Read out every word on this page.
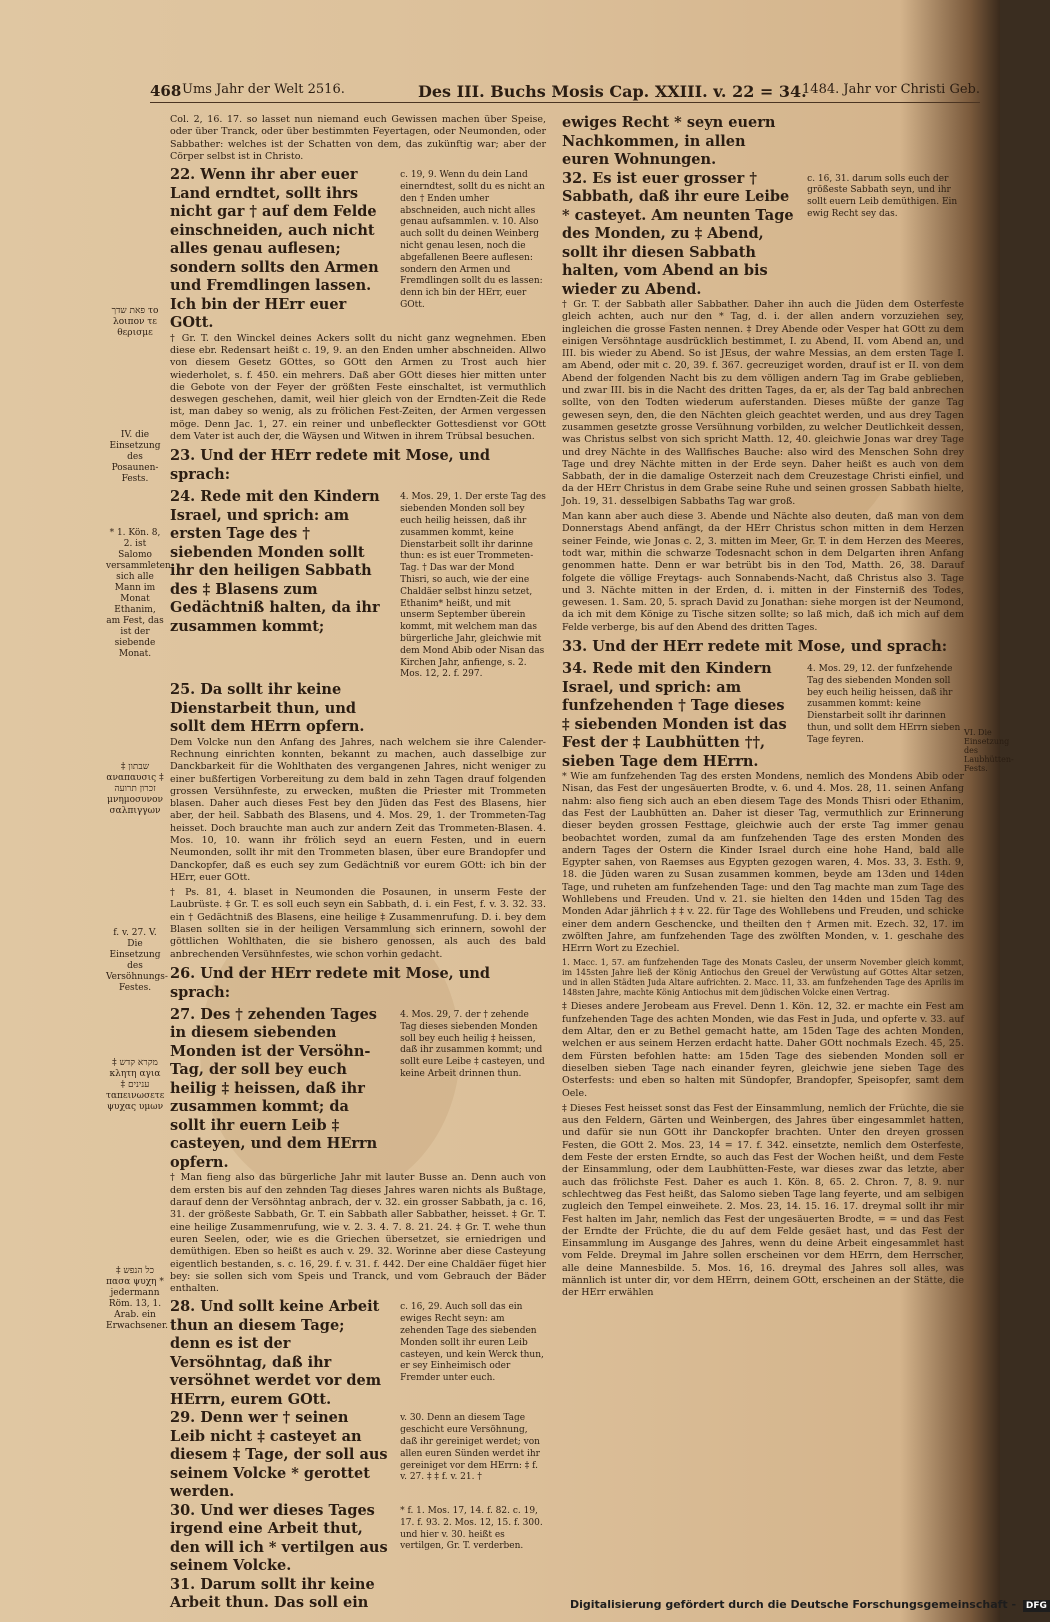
468 Ums Jahr der Welt 2516.	Des III. Buchs Mosis Cap. XXIII. v. 22 = 34.
1484. Jahr vor Christi Geb.
פאת שדך το λοιπον τε θερισμε
IV. die Einsetzung des Posaunen-Fests.
* 1. Kön. 8, 2. ist Salomo versammleten sich alle Mann im Monat Ethanim, am Fest, das ist der siebende Monat.
‡ שבתון αναπαυσις ‡ זכרון תרועה μνημοσυνον σαλπιγγων
f. v. 27. V. Die Einsetzung des Versöhnungs-Festes.
‡ מקרא קדש κλητη αγια ‡ ענינים ταπεινωσετε ψυχας υμων
‡ כל הנפש πασα ψυχη * jedermann Röm. 13, 1. Arab. ein Erwachsener.

Col. 2, 16. 17. so lasset nun niemand euch Gewissen machen über Speise, oder über Tranck, oder über bestimmten Feyertagen, oder Neumonden, oder Sabbather: welches ist der Schatten von dem, das zukünftig war; aber der Cörper selbst ist in Christo.

22. Wenn ihr aber euer Land erndtet, sollt ihrs nicht gar † auf dem Felde einschneiden, auch nicht alles genau auflesen; sondern sollts den Armen und Fremdlingen lassen. Ich bin der HErr euer GOtt.
c. 19, 9. Wenn du dein Land einerndtest, sollt du es nicht an den † Enden umher abschneiden, auch nicht alles genau aufsammlen. v. 10. Also auch sollt du deinen Weinberg nicht genau lesen, noch die abgefallenen Beere auflesen: sondern den Armen und Fremdlingen sollt du es lassen: denn ich bin der HErr, euer GOtt.

† Gr. T. den Winckel deines Ackers sollt du nicht ganz wegnehmen. Eben diese ebr. Redensart heißt c. 19, 9. an den Enden umher abschneiden. Allwo von diesem Gesetz GOttes, so GOtt den Armen zu Trost auch hier wiederholet, s. f. 450. ein mehrers. Daß aber GOtt dieses hier mitten unter die Gebote von der Feyer der größten Feste einschaltet, ist vermuthlich deswegen geschehen, damit, weil hier gleich von der Erndten-Zeit die Rede ist, man dabey so wenig, als zu frölichen Fest-Zeiten, der Armen vergessen möge. Denn Jac. 1, 27. ein reiner und unbefleckter Gottesdienst vor GOtt dem Vater ist auch der, die Wäysen und Witwen in ihrem Trübsal besuchen.

23. Und der HErr redete mit Mose, und sprach:
24. Rede mit den Kindern Israel, und sprich: am ersten Tage des † siebenden Monden sollt ihr den heiligen Sabbath des ‡ Blasens zum Gedächtniß halten, da ihr zusammen kommt;
4. Mos. 29, 1. Der erste Tag des siebenden Monden soll bey euch heilig heissen, daß ihr zusammen kommt, keine Dienstarbeit sollt ihr darinne thun: es ist euer Trommeten-Tag. † Das war der Mond Thisri, so auch, wie der eine Chaldäer selbst hinzu setzet, Ethanim* heißt, und mit unserm September überein kommt, mit welchem man das bürgerliche Jahr, gleichwie mit dem Mond Abib oder Nisan das Kirchen Jahr, anfienge, s. 2. Mos. 12, 2. f. 297.
25. Da sollt ihr keine Dienstarbeit thun, und sollt dem HErrn opfern.

Dem Volcke nun den Anfang des Jahres, nach welchem sie ihre Calender-Rechnung einrichten konnten, bekannt zu machen, auch dasselbige zur Danckbarkeit für die Wohlthaten des vergangenen Jahres, nicht weniger zu einer bußfertigen Vorbereitung zu dem bald in zehn Tagen drauf folgenden grossen Versühnfeste, zu erwecken, mußten die Priester mit Trommeten blasen. Daher auch dieses Fest bey den Jüden das Fest des Blasens, hier aber, der heil. Sabbath des Blasens, und 4. Mos. 29, 1. der Trommeten-Tag heisset. Doch brauchte man auch zur andern Zeit das Trommeten-Blasen. 4. Mos. 10, 10. wann ihr frölich seyd an euern Festen, und in euern Neumonden, sollt ihr mit den Trommeten blasen, über eure Brandopfer und Danckopfer, daß es euch sey zum Gedächtniß vor eurem GOtt: ich bin der HErr, euer GOtt.

† Ps. 81, 4. blaset in Neumonden die Posaunen, in unserm Feste der Laubrüste. ‡ Gr. T. es soll euch seyn ein Sabbath, d. i. ein Fest, f. v. 3. 32. 33. ein † Gedächtniß des Blasens, eine heilige ‡ Zusammenrufung. D. i. bey dem Blasen sollten sie in der heiligen Versammlung sich erinnern, sowohl der göttlichen Wohlthaten, die sie bishero genossen, als auch des bald anbrechenden Versühnfestes, wie schon vorhin gedacht.

26. Und der HErr redete mit Mose, und sprach:
27. Des † zehenden Tages in diesem siebenden Monden ist der Versöhn-Tag, der soll bey euch heilig ‡ heissen, daß ihr zusammen kommt; da sollt ihr euern Leib ‡ casteyen, und dem HErrn opfern.
4. Mos. 29, 7. der † zehende Tag dieses siebenden Monden soll bey euch heilig ‡ heissen, daß ihr zusammen kommt; und sollt eure Leibe ‡ casteyen, und keine Arbeit drinnen thun.

† Man fieng also das bürgerliche Jahr mit lauter Busse an. Denn auch von dem ersten bis auf den zehnden Tag dieses Jahres waren nichts als Bußtage, darauf denn der Versöhntag anbrach, der v. 32. ein grosser Sabbath, ja c. 16, 31. der größeste Sabbath, Gr. T. ein Sabbath aller Sabbather, heisset. ‡ Gr. T. eine heilige Zusammenrufung, wie v. 2. 3. 4. 7. 8. 21. 24. ‡ Gr. T. wehe thun euren Seelen, oder, wie es die Griechen übersetzet, sie erniedrigen und demüthigen. Eben so heißt es auch v. 29. 32. Worinne aber diese Casteyung eigentlich bestanden, s. c. 16, 29. f. v. 31. f. 442. Der eine Chaldäer füget hier bey: sie sollen sich vom Speis und Tranck, und vom Gebrauch der Bäder enthalten.

28. Und sollt keine Arbeit thun an diesem Tage; denn es ist der Versöhntag, daß ihr versöhnet werdet vor dem HErrn, eurem GOtt.
c. 16, 29. Auch soll das ein ewiges Recht seyn: am zehenden Tage des siebenden Monden sollt ihr euren Leib casteyen, und kein Werck thun, er sey Einheimisch oder Fremder unter euch.
29. Denn wer † seinen Leib nicht ‡ casteyet an diesem ‡ Tage, der soll aus seinem Volcke * gerottet werden.
v. 30. Denn an diesem Tage geschicht eure Versöhnung, daß ihr gereiniget werdet; von allen euren Sünden werdet ihr gereiniget vor dem HErrn: ‡ f. v. 27. ‡ ‡ f. v. 21. †
30. Und wer dieses Tages irgend eine Arbeit thut, den will ich * vertilgen aus seinem Volcke.
* f. 1. Mos. 17, 14. f. 82. c. 19, 17. f. 93. 2. Mos. 12, 15. f. 300. und hier v. 30. heißt es vertilgen, Gr. T. verderben.
31. Darum sollt ihr keine Arbeit thun. Das soll ein
ewiges Recht * seyn euern Nachkommen, in allen euren Wohnungen.
32. Es ist euer grosser † Sabbath, daß ihr eure Leibe * casteyet. Am neunten Tage des Monden, zu ‡ Abend, sollt ihr diesen Sabbath halten, vom Abend an bis wieder zu Abend.
c. 16, 31. darum solls euch der größeste Sabbath seyn, und ihr sollt euern Leib demüthigen. Ein ewig Recht sey das.

† Gr. T. der Sabbath aller Sabbather. Daher ihn auch die Jüden dem Osterfeste gleich achten, auch nur den * Tag, d. i. der allen andern vorzuziehen sey, ingleichen die grosse Fasten nennen. ‡ Drey Abende oder Vesper hat GOtt zu dem einigen Versöhntage ausdrücklich bestimmet, I. zu Abend, II. vom Abend an, und III. bis wieder zu Abend. So ist JEsus, der wahre Messias, an dem ersten Tage I. am Abend, oder mit c. 20, 39. f. 367. gecreuziget worden, drauf ist er II. von dem Abend der folgenden Nacht bis zu dem völligen andern Tag im Grabe geblieben, und zwar III. bis in die Nacht des dritten Tages, da er, als der Tag bald anbrechen sollte, von den Todten wiederum auferstanden. Dieses müßte der ganze Tag gewesen seyn, den, die den Nächten gleich geachtet werden, und aus drey Tagen zusammen gesetzte grosse Versühnung vorbilden, zu welcher Deutlichkeit dessen, was Christus selbst von sich spricht Matth. 12, 40. gleichwie Jonas war drey Tage und drey Nächte in des Wallfisches Bauche: also wird des Menschen Sohn drey Tage und drey Nächte mitten in der Erde seyn. Daher heißt es auch von dem Sabbath, der in die damalige Osterzeit nach dem Creuzestage Christi einfiel, und da der HErr Christus in dem Grabe seine Ruhe und seinen grossen Sabbath hielte, Joh. 19, 31. desselbigen Sabbaths Tag war groß.

Man kann aber auch diese 3. Abende und Nächte also deuten, daß man von dem Donnerstags Abend anfängt, da der HErr Christus schon mitten in dem Herzen seiner Feinde, wie Jonas c. 2, 3. mitten im Meer, Gr. T. in dem Herzen des Meeres, todt war, mithin die schwarze Todesnacht schon in dem Delgarten ihren Anfang genommen hatte. Denn er war betrübt bis in den Tod, Matth. 26, 38. Darauf folgete die völlige Freytags- auch Sonnabends-Nacht, daß Christus also 3. Tage und 3. Nächte mitten in der Erden, d. i. mitten in der Finsterniß des Todes, gewesen. 1. Sam. 20, 5. sprach David zu Jonathan: siehe morgen ist der Neumond, da ich mit dem Könige zu Tische sitzen sollte; so laß mich, daß ich mich auf dem Felde verberge, bis auf den Abend des dritten Tages.

33. Und der HErr redete mit Mose, und sprach:
34. Rede mit den Kindern Israel, und sprich: am funfzehenden † Tage dieses ‡ siebenden Monden ist das Fest der ‡ Laubhütten ††, sieben Tage dem HErrn.
4. Mos. 29, 12. der funfzehende Tag des siebenden Monden soll bey euch heilig heissen, daß ihr zusammen kommt: keine Dienstarbeit sollt ihr darinnen thun, und sollt dem HErrn sieben Tage feyren.

* Wie am funfzehenden Tag des ersten Mondens, nemlich des Mondens Abib oder Nisan, das Fest der ungesäuerten Brodte, v. 6. und 4. Mos. 28, 11. seinen Anfang nahm: also fieng sich auch an eben diesem Tage des Monds Thisri oder Ethanim, das Fest der Laubhütten an. Daher ist dieser Tag, vermuthlich zur Erinnerung dieser beyden grossen Festtage, gleichwie auch der erste Tag immer genau beobachtet worden, zumal da am funfzehenden Tage des ersten Monden des andern Tages der Ostern die Kinder Israel durch eine hohe Hand, bald alle Egypter sahen, von Raemses aus Egypten gezogen waren, 4. Mos. 33, 3. Esth. 9, 18. die Jüden waren zu Susan zusammen kommen, beyde am 13den und 14den Tage, und ruheten am funfzehenden Tage: und den Tag machte man zum Tage des Wohllebens und Freuden. Und v. 21. sie hielten den 14den und 15den Tag des Monden Adar jährlich ‡ ‡ v. 22. für Tage des Wohllebens und Freuden, und schicke einer dem andern Geschencke, und theilten den † Armen mit. Ezech. 32, 17. im zwölften Jahre, am funfzehenden Tage des zwölften Monden, v. 1. geschahe des HErrn Wort zu Ezechiel.

1. Macc. 1, 57. am funfzehenden Tage des Monats Casleu, der unserm November gleich kommt, im 145sten Jahre ließ der König Antiochus den Greuel der Verwüstung auf GOttes Altar setzen, und in allen Städten Juda Altare aufrichten. 2. Macc. 11, 33. am funfzehenden Tage des Aprilis im 148sten Jahre, machte König Antiochus mit dem jüdischen Volcke einen Vertrag.

‡ Dieses andere Jerobeam aus Frevel. Denn 1. Kön. 12, 32. er machte ein Fest am funfzehenden Tage des achten Monden, wie das Fest in Juda, und opferte v. 33. auf dem Altar, den er zu Bethel gemacht hatte, am 15den Tage des achten Monden, welchen er aus seinem Herzen erdacht hatte. Daher GOtt nochmals Ezech. 45, 25. dem Fürsten befohlen hatte: am 15den Tage des siebenden Monden soll er dieselben sieben Tage nach einander feyren, gleichwie jene sieben Tage des Osterfests: und eben so halten mit Sündopfer, Brandopfer, Speisopfer, samt dem Oele.

‡ Dieses Fest heisset sonst das Fest der Einsammlung, nemlich der Früchte, die sie aus den Feldern, Gärten und Weinbergen, des Jahres über eingesammlet hatten, und dafür sie nun GOtt ihr Danckopfer brachten. Unter den dreyen grossen Festen, die GOtt 2. Mos. 23, 14 = 17. f. 342. einsetzte, nemlich dem Osterfeste, dem Feste der ersten Erndte, so auch das Fest der Wochen heißt, und dem Feste der Einsammlung, oder dem Laubhütten-Feste, war dieses zwar das letzte, aber auch das frölichste Fest. Daher es auch 1. Kön. 8, 65. 2. Chron. 7, 8. 9. nur schlechtweg das Fest heißt, das Salomo sieben Tage lang feyerte, und am selbigen zugleich den Tempel einweihete. 2. Mos. 23, 14. 15. 16. 17. dreymal sollt ihr mir Fest halten im Jahr, nemlich das Fest der ungesäuerten Brodte, = = und das Fest der Erndte der Früchte, die du auf dem Felde gesäet hast, und das Fest der Einsammlung im Ausgange des Jahres, wenn du deine Arbeit eingesammlet hast vom Felde. Dreymal im Jahre sollen erscheinen vor dem HErrn, dem Herrscher, alle deine Mannesbilde. 5. Mos. 16, 16. dreymal des Jahres soll alles, was männlich ist unter dir, vor dem HErrn, deinem GOtt, erscheinen an der Stätte, die der HErr erwählen

VI. Die Einsetzung des Laubhütten-Fests.
Digitalisierung gefördert durch die Deutsche Forschungsgemeinschaft - DFG
